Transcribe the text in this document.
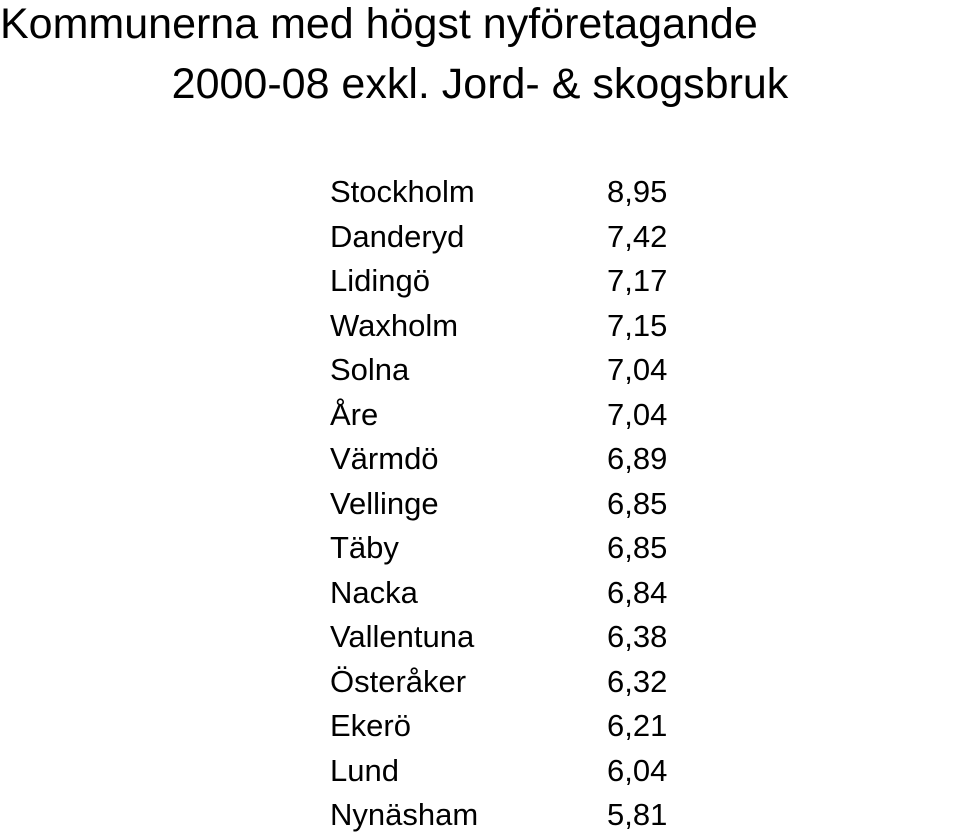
Kommunerna med högst nyföretagande
2000-08 exkl. Jord- & skogsbruk
Stockholm	8,95
Danderyd	7,42
Lidingö	7,17
Waxholm	7,15
Solna	7,04
Åre	7,04
Värmdö	6,89
Vellinge	6,85
Täby	6,85
Nacka	6,84
Vallentuna	6,38
Österåker	6,32
Ekerö	6,21
Lund	6,04
Nynäsham	5,81
